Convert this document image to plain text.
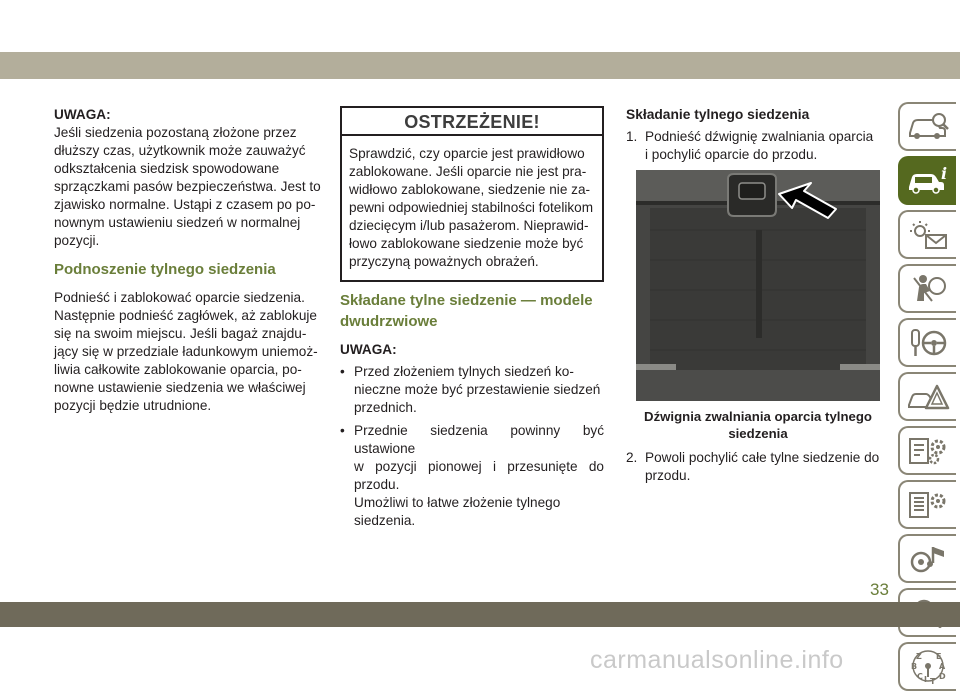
UWAGA:
Jeśli siedzenia pozostaną złożone przez
dłuższy czas, użytkownik może zauważyć
odkształcenia siedzisk spowodowane
sprzączkami pasów bezpieczeństwa. Jest to
zjawisko normalne. Ustąpi z czasem po po-
nownym ustawieniu siedzeń w normalnej
pozycji.
Podnoszenie tylnego siedzenia
Podnieść i zablokować oparcie siedzenia.
Następnie podnieść zagłówek, aż zablokuje
się na swoim miejscu. Jeśli bagaż znajdu-
jący się w przedziale ładunkowym uniemoż-
liwia całkowite zablokowanie oparcia, po-
nowne ustawienie siedzenia we właściwej
pozycji będzie utrudnione.
OSTRZEŻENIE!
Sprawdzić, czy oparcie jest prawidłowo
zablokowane. Jeśli oparcie nie jest pra-
widłowo zablokowane, siedzenie nie za-
pewni odpowiedniej stabilności fotelikom
dziecięcym i/lub pasażerom. Nieprawid-
łowo zablokowane siedzenie może być
przyczyną poważnych obrażeń.
Składane tylne siedzenie — modele
dwudrzwiowe
UWAGA:
• Przed złożeniem tylnych siedzeń ko-
nieczne może być przestawienie siedzeń
przednich.
• Przednie siedzenia powinny być ustawione
w pozycji pionowej i przesunięte do przodu.
Umożliwi to łatwe złożenie tylnego
siedzenia.
Składanie tylnego siedzenia
1. Podnieść dźwignię zwalniania oparcia
i pochylić oparcie do przodu.
Dźwignia zwalniania oparcia tylnego
siedzenia
2. Powoli pochylić całe tylne siedzenie do
przodu.
i
Z E
B	A
C D
I T
33
carmanualsonline.info
